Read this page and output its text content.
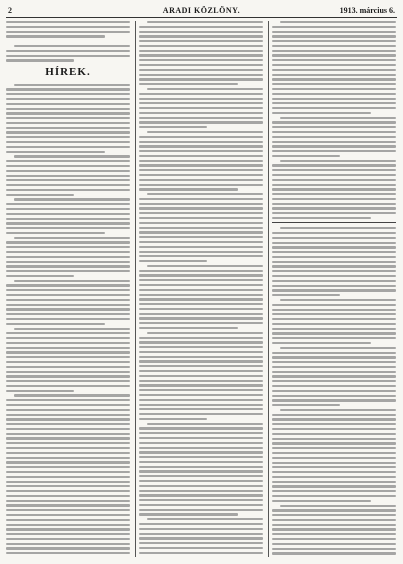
2	ARADI KÖZLÖNY.	1913. március 6.
HÍREK.
